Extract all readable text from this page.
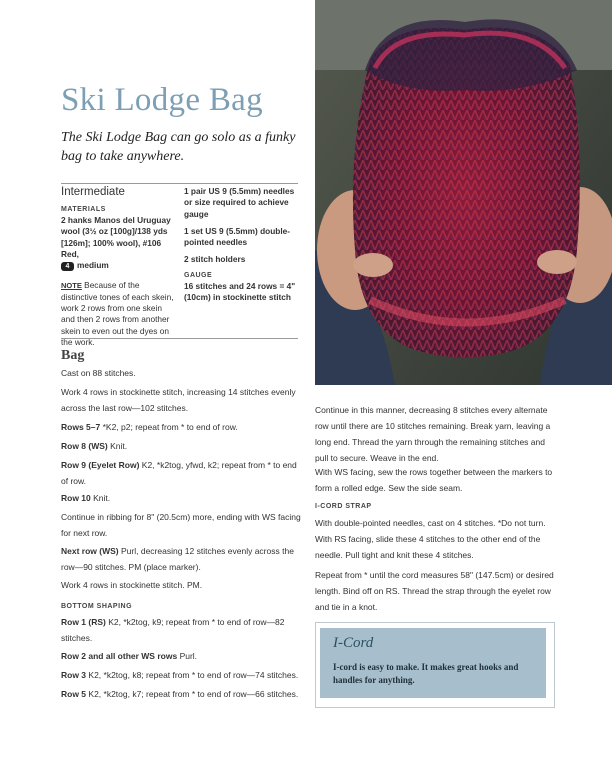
Ski Lodge Bag
The Ski Lodge Bag can go solo as a funky bag to take anywhere.
Intermediate
MATERIALS
2 hanks Manos del Uruguay wool (3½ oz [100g]/138 yds [126m]; 100% wool), #106 Red,
4 medium
NOTE Because of the distinctive tones of each skein, work 2 rows from one skein and then 2 rows from another skein to even out the dyes on the work.
1 pair US 9 (5.5mm) needles or size required to achieve gauge
1 set US 9 (5.5mm) double-pointed needles
2 stitch holders
GAUGE
16 stitches and 24 rows = 4" (10cm) in stockinette stitch
Bag
Cast on 88 stitches.
Work 4 rows in stockinette stitch, increasing 14 stitches evenly across the last row—102 stitches.
Rows 5–7 *K2, p2; repeat from * to end of row.
Row 8 (WS) Knit.
Row 9 (Eyelet Row) K2, *k2tog, yfwd, k2; repeat from * to end of row.
Row 10 Knit.
Continue in ribbing for 8" (20.5cm) more, ending with WS facing for next row.
Next row (WS) Purl, decreasing 12 stitches evenly across the row—90 stitches. PM (place marker).
Work 4 rows in stockinette stitch. PM.
BOTTOM SHAPING
Row 1 (RS) K2, *k2tog, k9; repeat from * to end of row—82 stitches.
Row 2 and all other WS rows Purl.
Row 3 K2, *k2tog, k8; repeat from * to end of row—74 stitches.
Row 5 K2, *k2tog, k7; repeat from * to end of row—66 stitches.
Continue in this manner, decreasing 8 stitches every alternate row until there are 10 stitches remaining. Break yarn, leaving a long end. Thread the yarn through the remaining stitches and pull to secure. Weave in the end.
With WS facing, sew the rows together between the markers to form a rolled edge. Sew the side seam.
I-CORD STRAP
With double-pointed needles, cast on 4 stitches. *Do not turn. With RS facing, slide these 4 stitches to the other end of the needle. Pull tight and knit these 4 stitches.
Repeat from * until the cord measures 58" (147.5cm) or desired length. Bind off on RS. Thread the strap through the eyelet row and tie in a knot.
I-Cord
I-cord is easy to make. It makes great hooks and handles for anything.
